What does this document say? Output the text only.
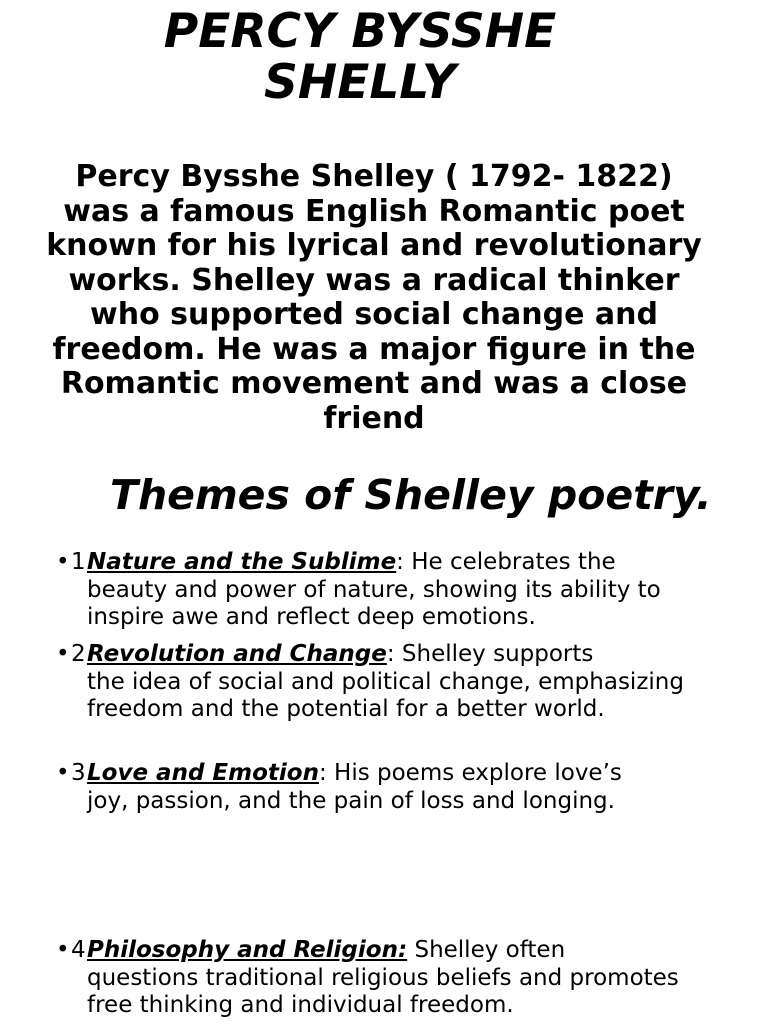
PERCY BYSSHE
SHELLY

Percy Bysshe Shelley ( 1792- 1822) was a famous English Romantic poet known for his lyrical and revolutionary works. Shelley was a radical thinker who supported social change and freedom. He was a major figure in the Romantic movement and was a close friend

Themes of Shelley poetry.
• 1.
Nature and the Sublime: He celebrates the
beauty and power of nature, showing its ability to inspire awe and reflect deep emotions.
• 2.
Revolution and Change: Shelley supports
the idea of social and political change, emphasizing freedom and the potential for a better world.
• 3.
Love and Emotion: His poems explore love’s
joy, passion, and the pain of loss and longing.
• 4.
Philosophy and Religion: Shelley often
questions traditional religious beliefs and promotes free thinking and individual freedom.
